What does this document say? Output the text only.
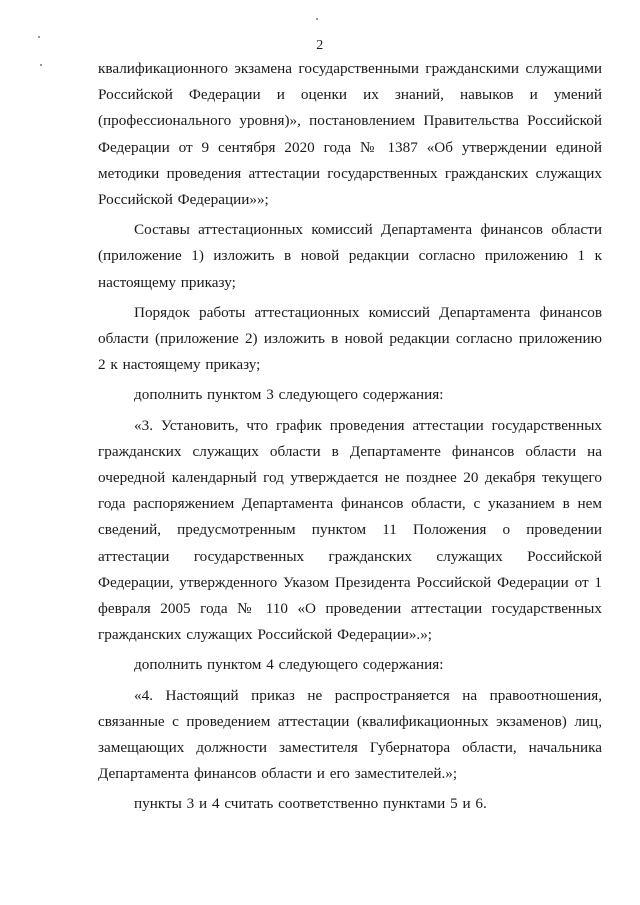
2

квалификационного экзамена государственными гражданскими служащими Российской Федерации и оценки их знаний, навыков и умений (профессионального уровня)», постановлением Правительства Российской Федерации от 9 сентября 2020 года № 1387 «Об утверждении единой методики проведения аттестации государственных гражданских служащих Российской Федерации»»;

Составы аттестационных комиссий Департамента финансов области (приложение 1) изложить в новой редакции согласно приложению 1 к настоящему приказу;

Порядок работы аттестационных комиссий Департамента финансов области (приложение 2) изложить в новой редакции согласно приложению 2 к настоящему приказу;

дополнить пунктом 3 следующего содержания:

«3. Установить, что график проведения аттестации государственных гражданских служащих области в Департаменте финансов области на очередной календарный год утверждается не позднее 20 декабря текущего года распоряжением Департамента финансов области, с указанием в нем сведений, предусмотренным пунктом 11 Положения о проведении аттестации государственных гражданских служащих Российской Федерации, утвержденного Указом Президента Российской Федерации от 1 февраля 2005 года № 110 «О проведении аттестации государственных гражданских служащих Российской Федерации».»;

дополнить пунктом 4 следующего содержания:

«4. Настоящий приказ не распространяется на правоотношения, связанные с проведением аттестации (квалификационных экзаменов) лиц, замещающих должности заместителя Губернатора области, начальника Департамента финансов области и его заместителей.»;

пункты 3 и 4 считать соответственно пунктами 5 и 6.
